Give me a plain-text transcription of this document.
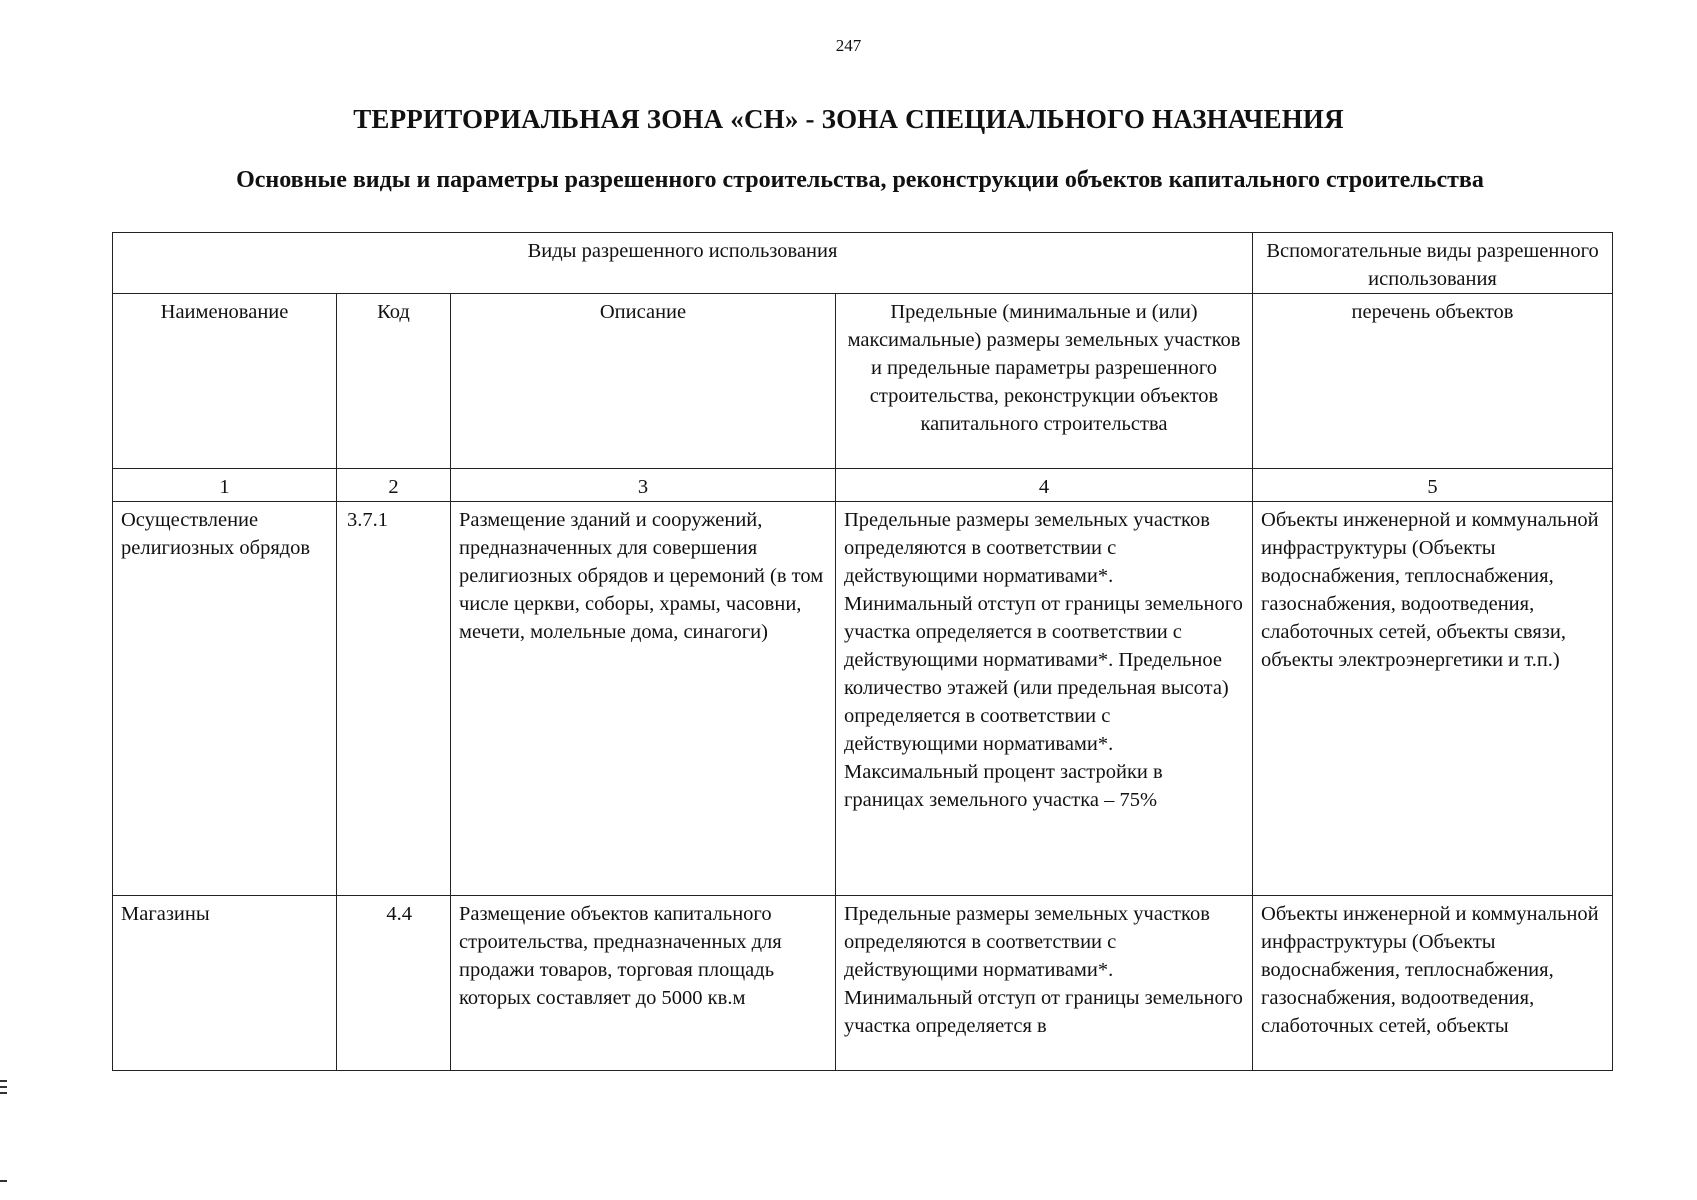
247
ТЕРРИТОРИАЛЬНАЯ ЗОНА «СН» - ЗОНА СПЕЦИАЛЬНОГО НАЗНАЧЕНИЯ
Основные виды и параметры разрешенного строительства, реконструкции объектов капитального строительства
Виды разрешенного использования				Вспомогательные виды разрешенного использования
Наименование	Код	Описание	Предельные (минимальные и (или) максимальные) размеры земельных участков и предельные параметры разрешенного строительства, реконструкции объектов капитального строительства	перечень объектов
1	2	3	4	5
Осуществление религиозных обрядов	3.7.1	Размещение зданий и сооружений, предназначенных для совершения религиозных обрядов и церемоний (в том числе церкви, соборы, храмы, часовни, мечети, молельные дома, синагоги)	Предельные размеры земельных участков определяются в соответствии с действующими нормативами*. Минимальный отступ от границы земельного участка определяется в соответствии с действующими нормативами*. Предельное количество этажей (или предельная высота) определяется в соответствии с действующими нормативами*. Максимальный процент застройки в границах земельного участка – 75%	Объекты инженерной и коммунальной инфраструктуры (Объекты водоснабжения, теплоснабжения, газоснабжения, водоотведения, слаботочных сетей, объекты связи, объекты электроэнергетики и т.п.)
Магазины	4.4	Размещение объектов капитального строительства, предназначенных для продажи товаров, торговая площадь которых составляет до 5000 кв.м	Предельные размеры земельных участков определяются в соответствии с действующими нормативами*. Минимальный отступ от границы земельного участка определяется в	Объекты инженерной и коммунальной инфраструктуры (Объекты водоснабжения, теплоснабжения, газоснабжения, водоотведения, слаботочных сетей, объекты
